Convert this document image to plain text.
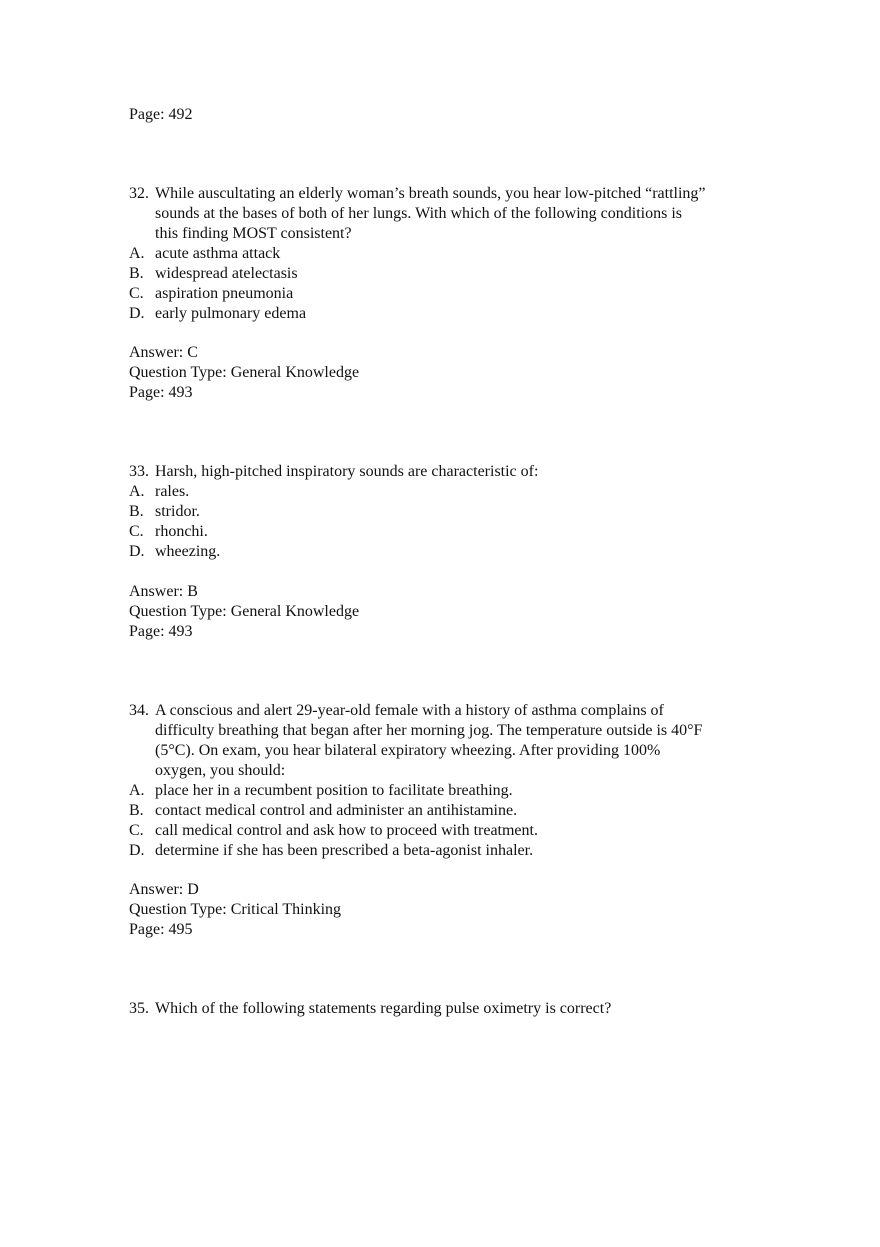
Page: 492
32. While auscultating an elderly woman’s breath sounds, you hear low-pitched “rattling”
sounds at the bases of both of her lungs. With which of the following conditions is
this finding MOST consistent?
A. acute asthma attack
B. widespread atelectasis
C. aspiration pneumonia
D. early pulmonary edema
Answer: C
Question Type: General Knowledge
Page: 493
33. Harsh, high-pitched inspiratory sounds are characteristic of:
A. rales.
B. stridor.
C. rhonchi.
D. wheezing.
Answer: B
Question Type: General Knowledge
Page: 493
34. A conscious and alert 29-year-old female with a history of asthma complains of
difficulty breathing that began after her morning jog. The temperature outside is 40°F
(5°C). On exam, you hear bilateral expiratory wheezing. After providing 100%
oxygen, you should:
A. place her in a recumbent position to facilitate breathing.
B. contact medical control and administer an antihistamine.
C. call medical control and ask how to proceed with treatment.
D. determine if she has been prescribed a beta-agonist inhaler.
Answer: D
Question Type: Critical Thinking
Page: 495
35. Which of the following statements regarding pulse oximetry is correct?
